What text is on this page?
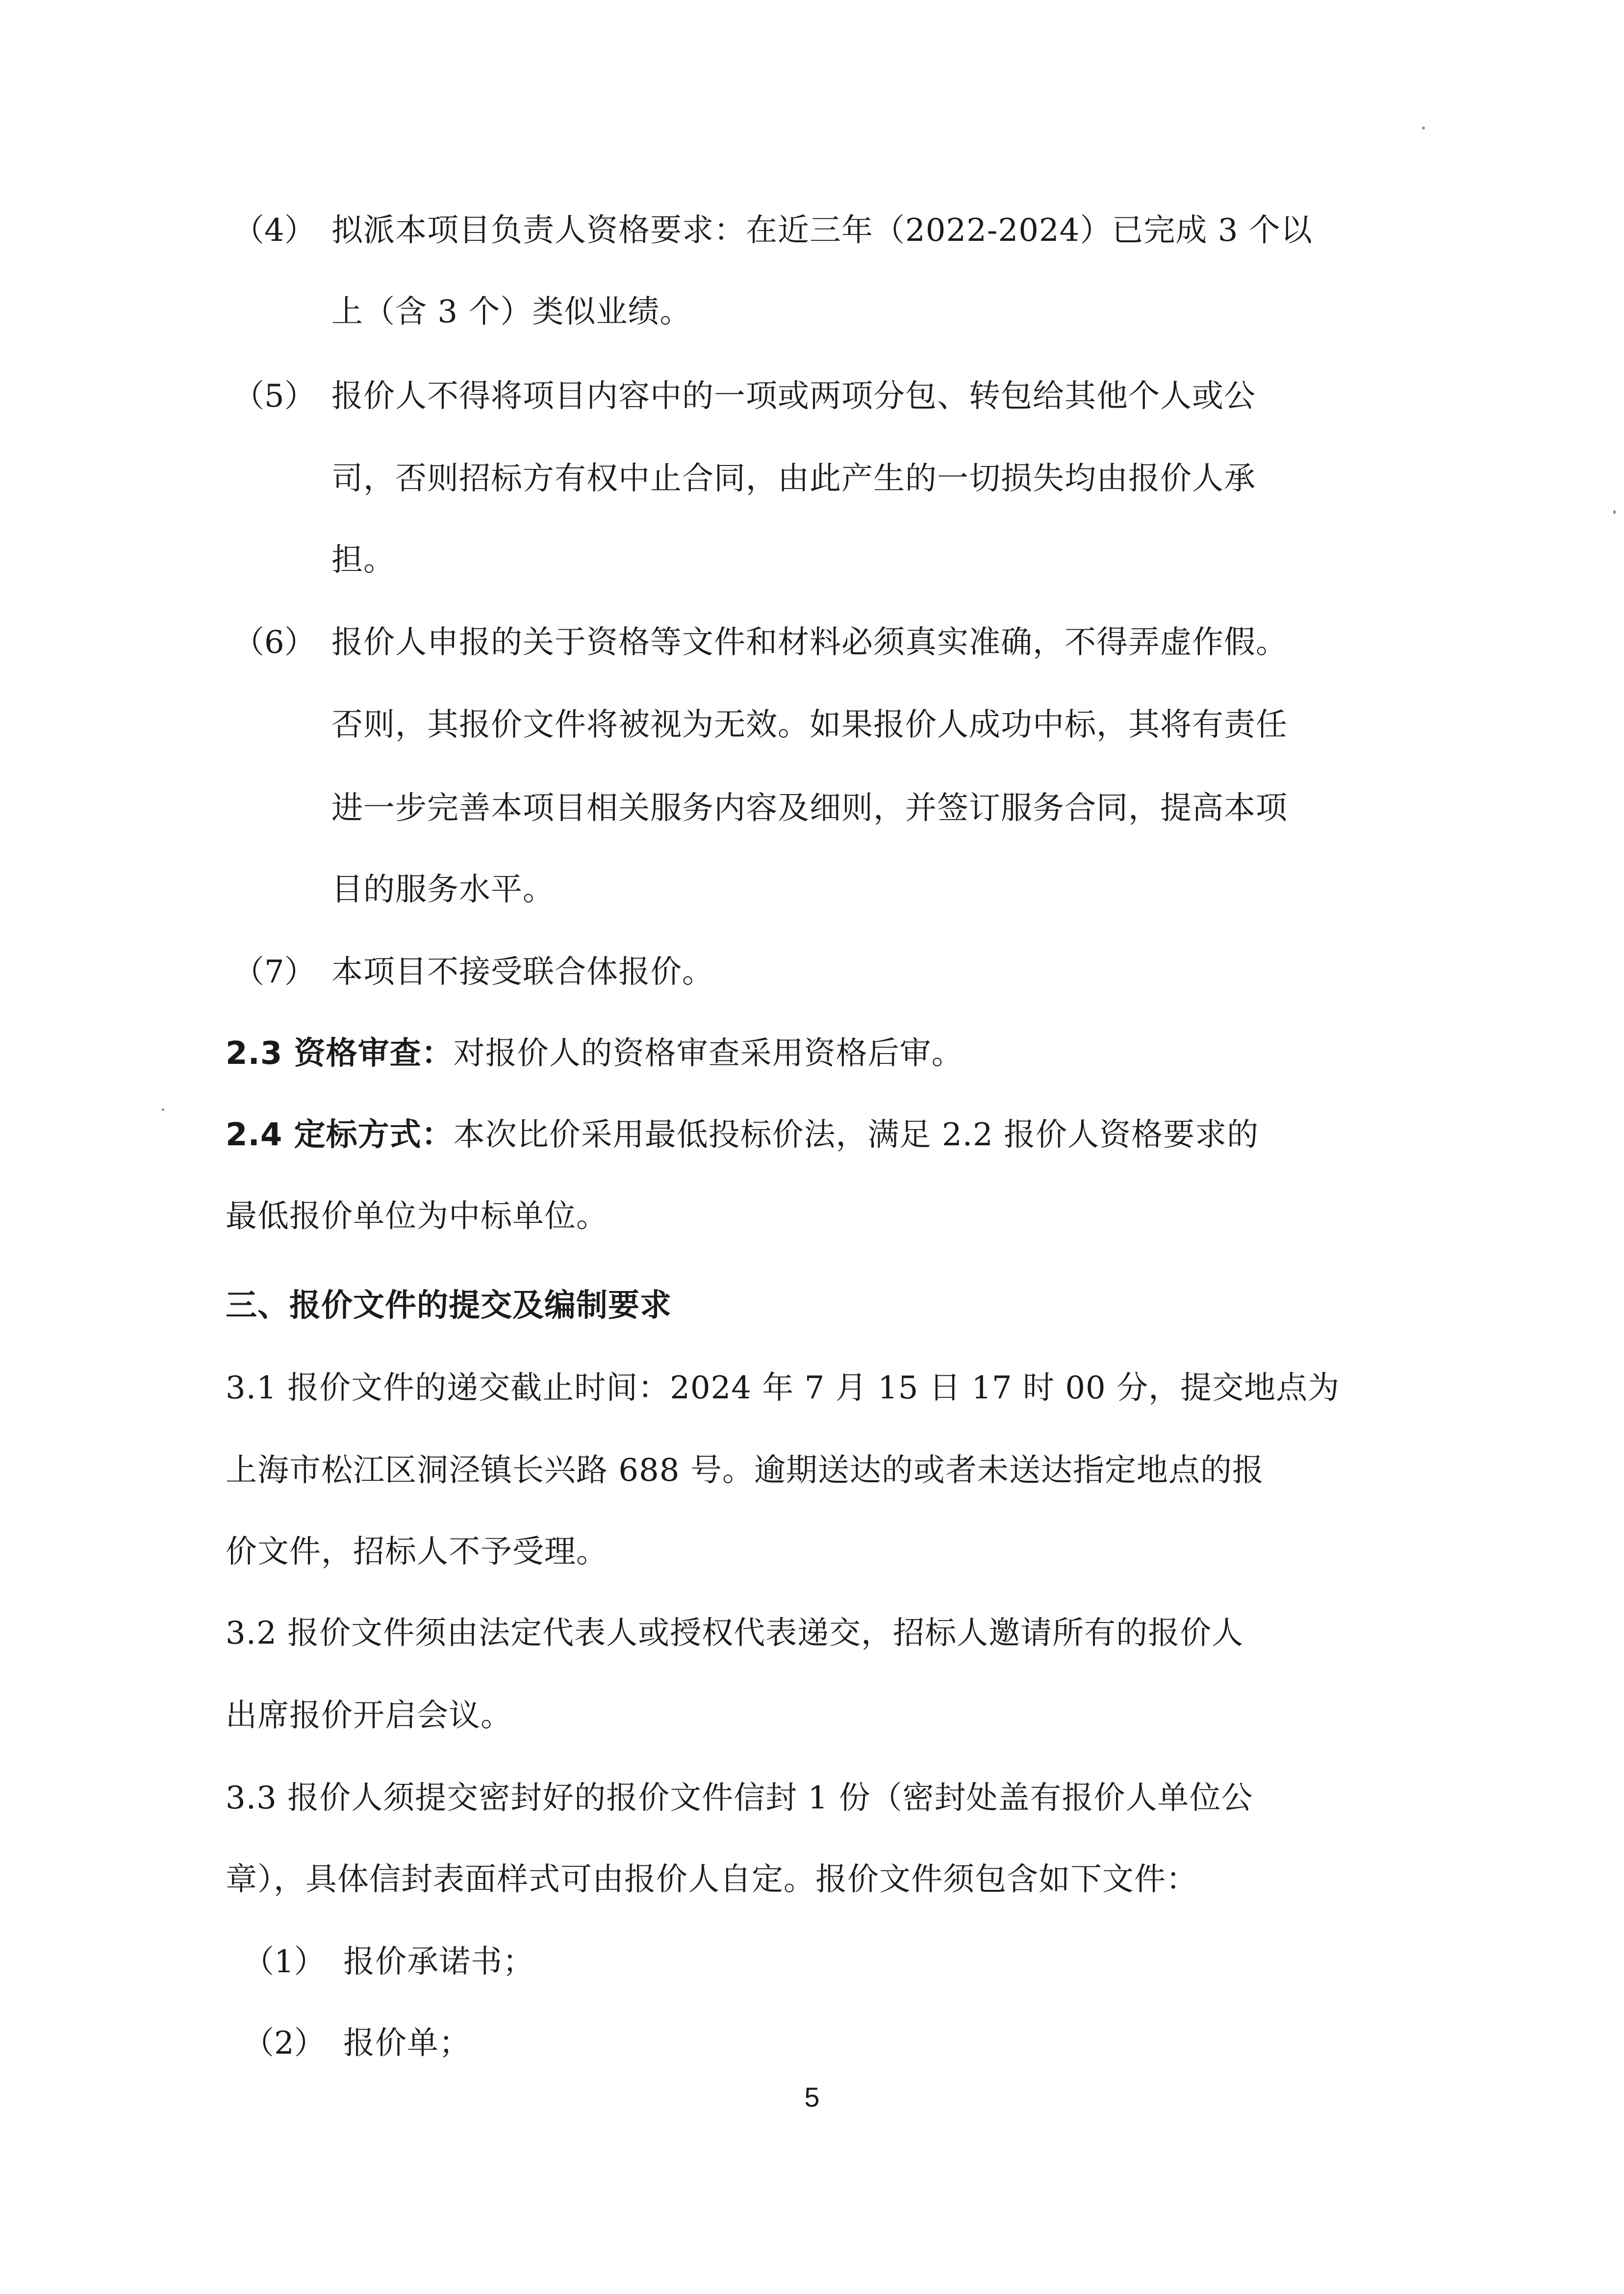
（4） 拟派本项目负责人资格要求：在近三年（2022-2024）已完成 3 个以
上（含 3 个）类似业绩。
（5） 报价人不得将项目内容中的一项或两项分包、转包给其他个人或公
司，否则招标方有权中止合同，由此产生的一切损失均由报价人承
担。
（6） 报价人申报的关于资格等文件和材料必须真实准确，不得弄虚作假。
否则，其报价文件将被视为无效。如果报价人成功中标，其将有责任
进一步完善本项目相关服务内容及细则，并签订服务合同，提高本项
目的服务水平。
（7） 本项目不接受联合体报价。
2.3 资格审查：对报价人的资格审查采用资格后审。
2.4 定标方式：本次比价采用最低投标价法，满足 2.2 报价人资格要求的
最低报价单位为中标单位。
三、报价文件的提交及编制要求
3.1 报价文件的递交截止时间：2024 年 7 月 15 日 17 时 00 分，提交地点为
上海市松江区洞泾镇长兴路 688 号。逾期送达的或者未送达指定地点的报
价文件，招标人不予受理。
3.2 报价文件须由法定代表人或授权代表递交，招标人邀请所有的报价人
出席报价开启会议。
3.3 报价人须提交密封好的报价文件信封 1 份（密封处盖有报价人单位公
章），具体信封表面样式可由报价人自定。报价文件须包含如下文件：
（1） 报价承诺书；
（2） 报价单；
5
